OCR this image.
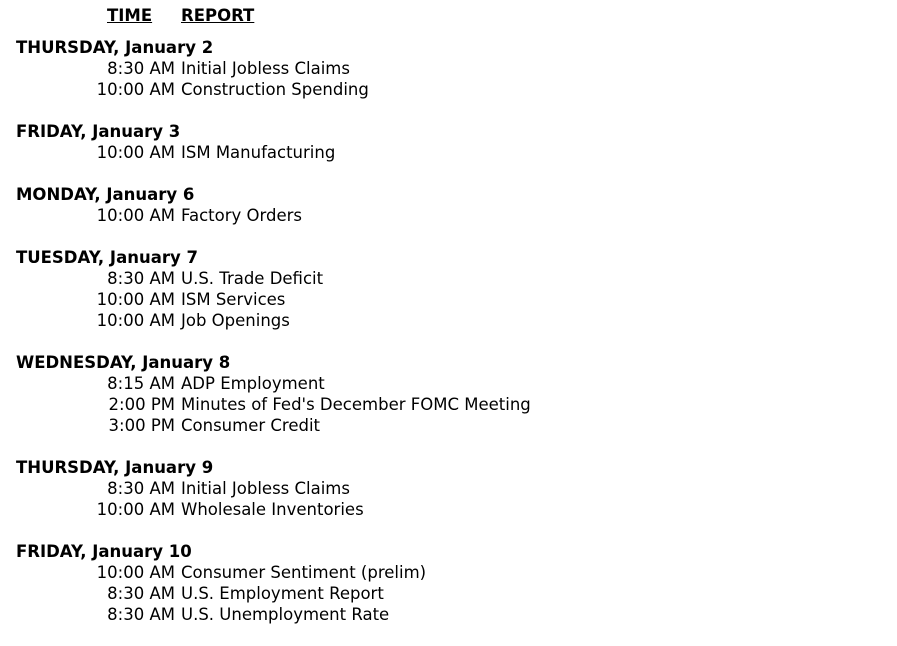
TIME	REPORT
THURSDAY, January 2
8:30 AM Initial Jobless Claims
10:00 AM Construction Spending
FRIDAY, January 3
10:00 AM ISM Manufacturing
MONDAY, January 6
10:00 AM Factory Orders
TUESDAY, January 7
8:30 AM U.S. Trade Deficit
10:00 AM ISM Services
10:00 AM Job Openings
WEDNESDAY, January 8
8:15 AM ADP Employment
2:00 PM Minutes of Fed's December FOMC Meeting
3:00 PM Consumer Credit
THURSDAY, January 9
8:30 AM Initial Jobless Claims
10:00 AM Wholesale Inventories
FRIDAY, January 10
10:00 AM Consumer Sentiment (prelim)
8:30 AM U.S. Employment Report
8:30 AM U.S. Unemployment Rate
